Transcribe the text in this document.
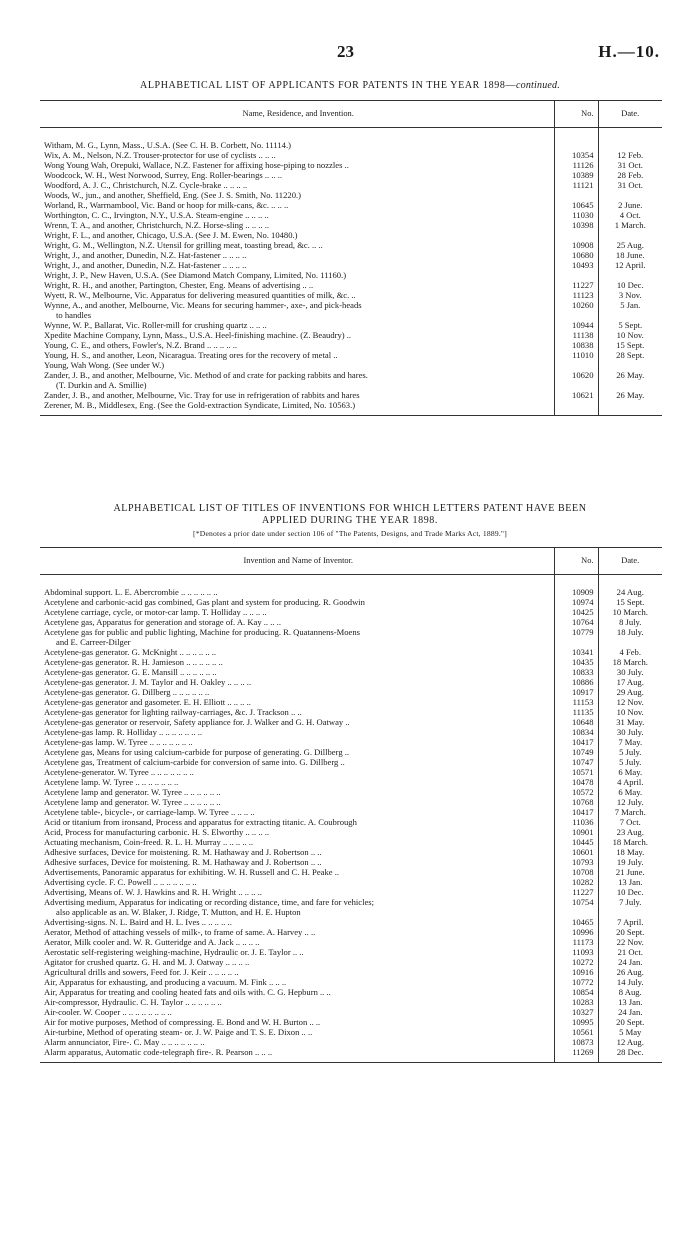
23	H.—10.
ALPHABETICAL LIST OF APPLICANTS FOR PATENTS IN THE YEAR 1898—continued.
Name, Residence, and Invention.	No.	Date.

Witham, M. G., Lynn, Mass., U.S.A. (See C. H. B. Corbett, No. 11114.)		
Wix, A. M., Nelson, N.Z. Trouser-protector for use of cyclists .. .. ..	10354	12 Feb.
Wong Young Wah, Orepuki, Wallace, N.Z. Fastener for affixing hose-piping to nozzles ..	11126	31 Oct.
Woodcock, W. H., West Norwood, Surrey, Eng. Roller-bearings .. .. ..	10389	28 Feb.
Woodford, A. J. C., Christchurch, N.Z. Cycle-brake .. .. .. ..	11121	31 Oct.
Woods, W., jun., and another, Sheffield, Eng. (See J. S. Smith, No. 11220.)		
Worland, R., Warrnambool, Vic. Band or hoop for milk-cans, &c. .. .. ..	10645	2 June.
Worthington, C. C., Irvington, N.Y., U.S.A. Steam-engine .. .. .. ..	11030	4 Oct.
Wrenn, T. A., and another, Christchurch, N.Z. Horse-sling .. .. .. ..	10398	1 March.
Wright, F. L., and another, Chicago, U.S.A. (See J. M. Ewen, No. 10480.)		
Wright, G. M., Wellington, N.Z. Utensil for grilling meat, toasting bread, &c. .. ..	10908	25 Aug.
Wright, J., and another, Dunedin, N.Z. Hat-fastener .. .. .. ..	10680	18 June.
Wright, J., and another, Dunedin, N.Z. Hat-fastener .. .. .. ..	10493	12 April.
Wright, J. P., New Haven, U.S.A. (See Diamond Match Company, Limited, No. 11160.)		
Wright, R. H., and another, Partington, Chester, Eng. Means of advertising .. ..	11227	10 Dec.
Wyett, R. W., Melbourne, Vic. Apparatus for delivering measured quantities of milk, &c. ..	11123	3 Nov.
Wynne, A., and another, Melbourne, Vic. Means for securing hammer-, axe-, and pick-heads	10260	5 Jan.
to handles		
Wynne, W. P., Ballarat, Vic. Roller-mill for crushing quartz .. .. ..	10944	5 Sept.
Xpedite Machine Company, Lynn, Mass., U.S.A. Heel-finishing machine. (Z. Beaudry) ..	11138	10 Nov.
Young, C. E., and others, Fowler's, N.Z. Brand .. .. .. .. ..	10838	15 Sept.
Young, H. S., and another, Leon, Nicaragua. Treating ores for the recovery of metal ..	11010	28 Sept.
Young, Wah Wong. (See under W.)		
Zander, J. B., and another, Melbourne, Vic. Method of and crate for packing rabbits and hares.	10620	26 May.
(T. Durkin and A. Smillie)		
Zander, J. B., and another, Melbourne, Vic. Tray for use in refrigeration of rabbits and hares	10621	26 May.
Zerener, M. B., Middlesex, Eng. (See the Gold-extraction Syndicate, Limited, No. 10563.)		
ALPHABETICAL LIST OF TITLES OF INVENTIONS FOR WHICH LETTERS PATENT HAVE BEEN
APPLIED DURING THE YEAR 1898.
[*Denotes a prior date under section 106 of "The Patents, Designs, and Trade Marks Act, 1889."]
Invention and Name of Inventor.	No.	Date.

Abdominal support. L. E. Abercrombie .. .. .. .. .. ..	10909	24 Aug.
Acetylene and carbonic-acid gas combined, Gas plant and system for producing. R. Goodwin	10974	15 Sept.
Acetylene carriage, cycle, or motor-car lamp. T. Holliday .. .. .. ..	10425	10 March.
Acetylene gas, Apparatus for generation and storage of. A. Kay .. .. ..	10764	8 July.
Acetylene gas for public and public lighting, Machine for producing. R. Quatannens-Moens	10779	18 July.
and E. Carreer-Dilger		
Acetylene-gas generator. G. McKnight .. .. .. .. .. ..	10341	4 Feb.
Acetylene-gas generator. R. H. Jamieson .. .. .. .. .. ..	10435	18 March.
Acetylene-gas generator. G. E. Mansill .. .. .. .. .. ..	10833	30 July.
Acetylene-gas generator. J. M. Taylor and H. Oakley .. .. .. ..	10886	17 Aug.
Acetylene-gas generator. G. Dillberg .. .. .. .. .. ..	10917	29 Aug.
Acetylene-gas generator and gasometer. E. H. Elliott .. .. .. ..	11153	12 Nov.
Acetylene-gas generator for lighting railway-carriages, &c. J. Trackson .. ..	11135	10 Nov.
Acetylene-gas generator or reservoir, Safety appliance for. J. Walker and G. H. Oatway ..	10648	31 May.
Acetylene-gas lamp. R. Holliday .. .. .. .. .. .. ..	10834	30 July.
Acetylene-gas lamp. W. Tyree .. .. .. .. .. .. ..	10417	7 May.
Acetylene gas, Means for using calcium-carbide for purpose of generating. G. Dillberg ..	10749	5 July.
Acetylene gas, Treatment of calcium-carbide for conversion of same into. G. Dillberg ..	10747	5 July.
Acetylene-generator. W. Tyree .. .. .. .. .. .. ..	10571	6 May.
Acetylene lamp. W. Tyree .. .. .. .. .. .. ..	10478	4 April.
Acetylene lamp and generator. W. Tyree .. .. .. .. .. ..	10572	6 May.
Acetylene lamp and generator. W. Tyree .. .. .. .. .. ..	10768	12 July.
Acetylene table-, bicycle-, or carriage-lamp. W. Tyree .. .. .. ..	10417	7 March.
Acid or titanium from ironsand, Process and apparatus for extracting titanic. A. Coubrough	11036	7 Oct.
Acid, Process for manufacturing carbonic. H. S. Elworthy .. .. .. ..	10901	23 Aug.
Actuating mechanism, Coin-freed. R. L. H. Murray .. .. .. .. ..	10445	18 March.
Adhesive surfaces, Device for moistening. R. M. Hathaway and J. Robertson .. ..	10601	18 May.
Adhesive surfaces, Device for moistening. R. M. Hathaway and J. Robertson .. ..	10793	19 July.
Advertisements, Panoramic apparatus for exhibiting. W. H. Russell and C. H. Peake ..	10708	21 June.
Advertising cycle. F. C. Powell .. .. .. .. .. .. ..	10282	13 Jan.
Advertising, Means of. W. J. Hawkins and R. H. Wright .. .. .. ..	11227	10 Dec.
Advertising medium, Apparatus for indicating or recording distance, time, and fare for vehicles;	10754	7 July.
also applicable as an. W. Blaker, J. Ridge, T. Mutton, and H. E. Hupton		
Advertising-signs. N. L. Baird and H. L. Ives .. .. .. .. ..	10465	7 April.
Aerator, Method of attaching vessels of milk-, to frame of same. A. Harvey .. ..	10996	20 Sept.
Aerator, Milk cooler and. W. R. Gutteridge and A. Jack .. .. .. ..	11173	22 Nov.
Aerostatic self-registering weighing-machine, Hydraulic or. J. E. Taylor .. ..	11093	21 Oct.
Agitator for crushed quartz. G. H. and M. J. Oatway .. .. .. ..	10272	24 Jan.
Agricultural drills and sowers, Feed for. J. Keir .. .. .. .. ..	10916	26 Aug.
Air, Apparatus for exhausting, and producing a vacuum. M. Fink .. .. ..	10772	14 July.
Air, Apparatus for treating and cooling heated fats and oils with. C. G. Hepburn .. ..	10854	8 Aug.
Air-compressor, Hydraulic. C. H. Taylor .. .. .. .. .. ..	10283	13 Jan.
Air-cooler. W. Cooper .. .. .. .. .. .. .. ..	10327	24 Jan.
Air for motive purposes, Method of compressing. E. Bond and W. H. Burton .. ..	10995	20 Sept.
Air-turbine, Method of operating steam- or. J. W. Paige and T. S. E. Dixon .. ..	10561	5 May
Alarm annunciator, Fire-. C. May .. .. .. .. .. .. ..	10873	12 Aug.
Alarm apparatus, Automatic code-telegraph fire-. R. Pearson .. .. ..	11269	28 Dec.
